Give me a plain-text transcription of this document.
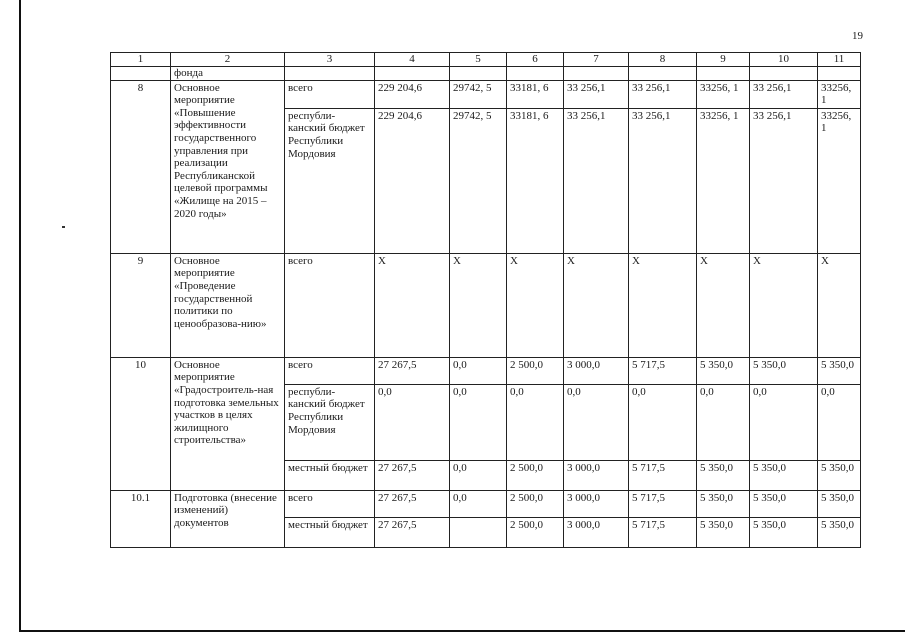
19
1	2	3	4	5	6	7	8	9	10	11
	фонда									
8	Основное мероприятие «Повышение эффективности государственного управления при реализации Республиканской целевой программы «Жилище на 2015 – 2020 годы»	всего	229 204,6	29742, 5	33181, 6	33 256,1	33 256,1	33256, 1	33 256,1	33256, 1
		республи-канский бюджет Республики Мордовия	229 204,6	29742, 5	33181, 6	33 256,1	33 256,1	33256, 1	33 256,1	33256, 1
9	Основное мероприятие «Проведение государственной политики по ценообразова-нию»	всего	Х	Х	Х	Х	Х	Х	Х	Х
10	Основное мероприятие «Градостроитель-ная подготовка земельных участков в целях жилищного строительства»	всего	27 267,5	0,0	2 500,0	3 000,0	5 717,5	5 350,0	5 350,0	5 350,0
		республи-канский бюджет Республики Мордовия	0,0	0,0	0,0	0,0	0,0	0,0	0,0	0,0
		местный бюджет	27 267,5	0,0	2 500,0	3 000,0	5 717,5	5 350,0	5 350,0	5 350,0
10.1	Подготовка (внесение изменений) документов	всего	27 267,5	0,0	2 500,0	3 000,0	5 717,5	5 350,0	5 350,0	5 350,0
		местный бюджет	27 267,5		2 500,0	3 000,0	5 717,5	5 350,0	5 350,0	5 350,0
